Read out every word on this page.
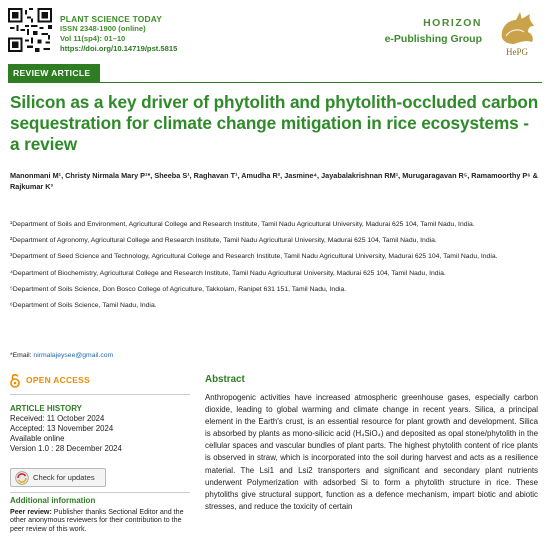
PLANT SCIENCE TODAY
ISSN 2348-1900 (online)
Vol 11(sp4): 01–10
https://doi.org/10.14719/pst.5815
HORIZON
e-Publishing Group
HePG
REVIEW ARTICLE
Silicon as a key driver of phytolith and phytolith-occluded carbon sequestration for climate change mitigation in rice ecosystems - a review
Manonmani M¹, Christy Nirmala Mary P¹*, Sheeba S¹, Raghavan T¹, Amudha R², Jasmine⁴, Jayabalakrishnan RM¹, Murugaragavan R⁵, Ramamoorthy P⁶ & Rajkumar K³

¹Department of Soils and Environment, Agricultural College and Research Institute, Tamil Nadu Agricultural University, Madurai 625 104, Tamil Nadu, India.

²Department of Agronomy, Agricultural College and Research Institute, Tamil Nadu Agricultural University, Madurai 625 104, Tamil Nadu, India.

³Department of Seed Science and Technology, Agricultural College and Research Institute, Tamil Nadu Agricultural University, Madurai 625 104, Tamil Nadu, India.

⁴Department of Biochemistry, Agricultural College and Research Institute, Tamil Nadu Agricultural University, Madurai 625 104, Tamil Nadu, India.

⁵Department of Soils Science, Don Bosco College of Agriculture, Takkolam, Ranipet 631 151, Tamil Nadu, India.

⁶Department of Soils Science, Tamil Nadu, India.

*Email: nirmalajeysee@gmail.com
OPEN ACCESS
ARTICLE HISTORY
Received: 11 October 2024
Accepted: 13 November 2024
Available online
Version 1.0 : 28 December 2024
Check for updates
Additional information
Peer review: Publisher thanks Sectional Editor and the other anonymous reviewers for their contribution to the peer review of this work.
Abstract
Anthropogenic activities have increased atmospheric greenhouse gases, especially carbon dioxide, leading to global warming and climate change in recent years. Silica, a principal element in the Earth's crust, is an essential resource for plant growth and development. Silica is absorbed by plants as mono-silicic acid (H₄SiO₄) and deposited as opal stone/phytolith in the cellular spaces and vascular bundles of plant parts. The highest phytolith content of rice plants is observed in straw, which is incorporated into the soil during harvest and acts as a resilience material. The Lsi1 and Lsi2 transporters and significant and secondary plant nutrients underwent Polymerization with adsorbed Si to form a phytolith structure in rice. These phytoliths give structural support, function as a defence mechanism, impart biotic and abiotic stresses, and reduce the toxicity of certain
